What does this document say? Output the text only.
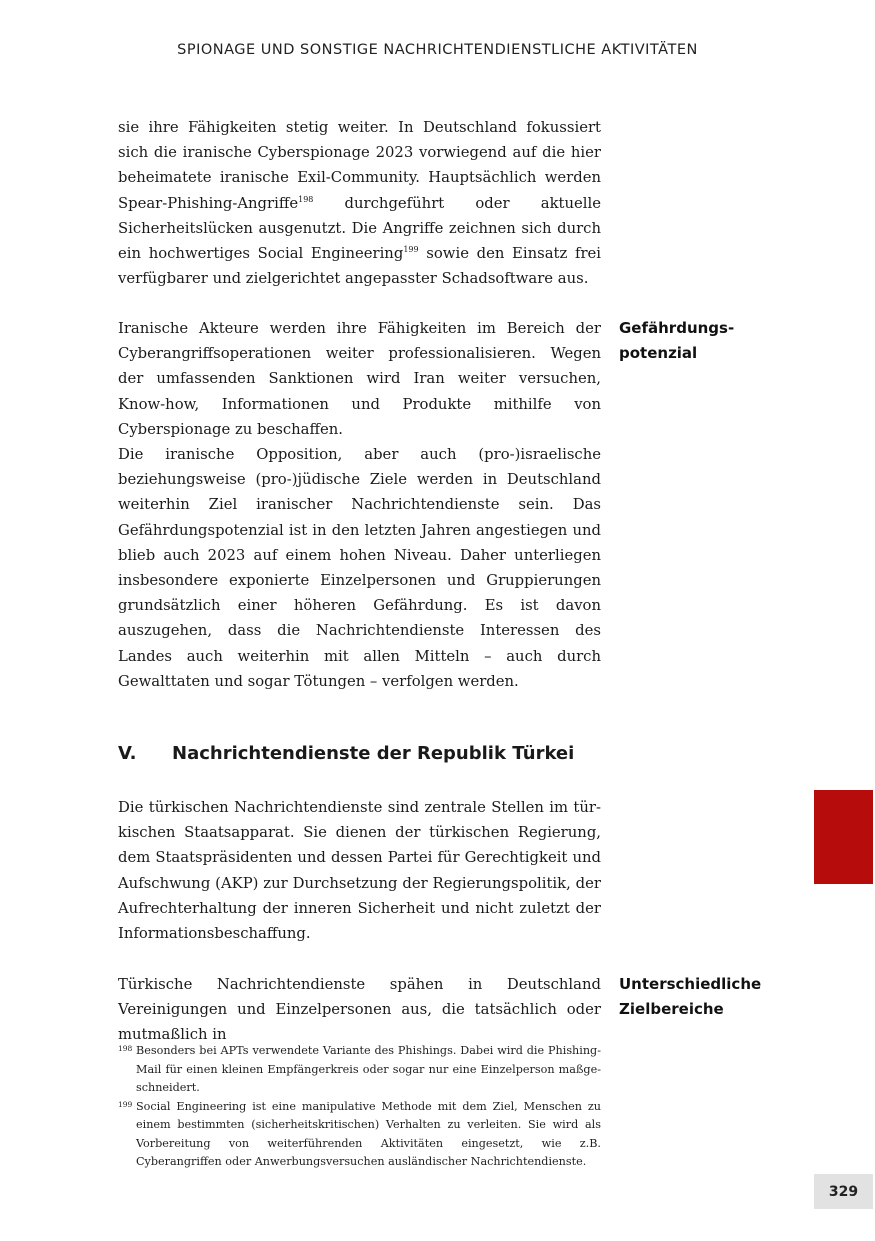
SPIONAGE UND SONSTIGE NACHRICHTENDIENSTLICHE AKTIVITÄTEN

sie ihre Fähigkeiten stetig weiter. In Deutschland fokussiert sich die iranische Cyberspionage 2023 vorwiegend auf die hier beheimatete iranische Exil-Community. Hauptsächlich werden Spear-Phishing-Angriffe$^{198}$ durchgeführt oder aktuelle Sicherheitslücken ausgenutzt. Die Angriffe zeichnen sich durch ein hochwertiges Social Engineering$^{199}$ sowie den Einsatz frei verfügbarer und zielgerichtet angepasster Schadsoftware aus.

Iranische Akteure werden ihre Fähigkeiten im Bereich der Cyberangriffsoperationen weiter professionalisieren. Wegen der umfassenden Sanktionen wird Iran weiter versuchen, Know-how, Informationen und Produkte mithilfe von Cyberspionage zu beschaffen.

Gefährdungs-
potenzial

Die iranische Opposition, aber auch (pro-)israelische beziehungsweise (pro-)jüdische Ziele werden in Deutschland weiterhin Ziel iranischer Nachrichtendienste sein. Das Gefährdungspotenzial ist in den letzten Jahren angestiegen und blieb auch 2023 auf einem hohen Niveau. Daher unterliegen insbesondere exponierte Einzelpersonen und Gruppierungen grundsätzlich einer höheren Gefährdung. Es ist davon auszugehen, dass die Nachrichtendienste Interessen des Landes auch weiterhin mit allen Mitteln – auch durch Gewalttaten und sogar Tötungen – verfolgen werden.

V.	Nachrichtendienste der Republik Türkei

Die türkischen Nachrichtendienste sind zentrale Stellen im türkischen Staatsapparat. Sie dienen der türkischen Regierung, dem Staatspräsidenten und dessen Partei für Gerechtigkeit und Aufschwung (AKP) zur Durchsetzung der Regierungspolitik, der Aufrechterhaltung der inneren Sicherheit und nicht zuletzt der Informationsbeschaffung.

Türkische Nachrichtendienste spähen in Deutschland Vereinigungen und Einzelpersonen aus, die tatsächlich oder mutmaßlich in

Unterschiedliche
Zielbereiche
198 Besonders bei APTs verwendete Variante des Phishings. Dabei wird die Phishing-Mail für einen kleinen Empfängerkreis oder sogar nur eine Einzelperson maßgeschneidert.
199 Social Engineering ist eine manipulative Methode mit dem Ziel, Menschen zu einem bestimmten (sicherheitskritischen) Verhalten zu verleiten. Sie wird als Vorbereitung von weiterführenden Aktivitäten eingesetzt, wie z.B. Cyberangriffen oder Anwerbungsversuchen ausländischer Nachrichtendienste.
329
